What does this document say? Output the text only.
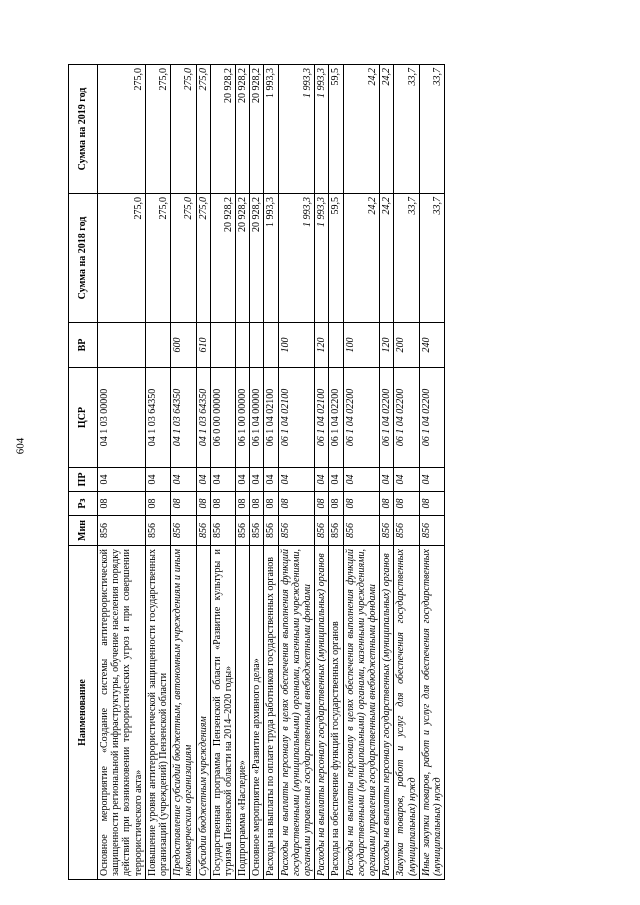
604
Наименование	Мин	Рз	ПР	ЦСР	ВР	Сумма на 2018 год	Сумма на 2019 год
Основное мероприятие «Создание системы антитеррористической защищенности региональной инфраструктуры, обучение населения порядку действий при возникновении террористических угроз и при совершении террористического акта»	856	08	04	04 1 03 00000		275,0	275,0
Повышение уровня антитеррористической защищенности государственных организаций (учреждений) Пензенской области	856	08	04	04 1 03 64350		275,0	275,0
Предоставление субсидий бюджетным, автономным учреждениям и иным некоммерческим организациям	856	08	04	04 1 03 64350	600	275,0	275,0
Субсидии бюджетным учреждениям	856	08	04	04 1 03 64350	610	275,0	275,0
Государственная программа Пензенской области «Развитие культуры и туризма Пензенской области на 2014–2020 годы»	856	08	04	06 0 00 00000		20 928,2	20 928,2
Подпрограмма «Наследие»	856	08	04	06 1 00 00000		20 928,2	20 928,2
Основное мероприятие «Развитие архивного дела»	856	08	04	06 1 04 00000		20 928,2	20 928,2
Расходы на выплаты по оплате труда работников государственных органов	856	08	04	06 1 04 02100		1 993,3	1 993,3
Расходы на выплаты персоналу в целях обеспечения выполнения функций государственными (муниципальными) органами, казенными учреждениями, органами управления государственными внебюджетными фондами	856	08	04	06 1 04 02100	100	1 993,3	1 993,3
Расходы на выплаты персоналу государственных (муниципальных) органов	856	08	04	06 1 04 02100	120	1 993,3	1 993,3
Расходы на обеспечение функций государственных органов	856	08	04	06 1 04 02200		59,5	59,5
Расходы на выплаты персоналу в целях обеспечения выполнения функций государственными (муниципальными) органами, казенными учреждениями, органами управления государственными внебюджетными фондами	856	08	04	06 1 04 02200	100	24,2	24,2
Расходы на выплаты персоналу государственных (муниципальных) органов	856	08	04	06 1 04 02200	120	24,2	24,2
Закупка товаров, работ и услуг для обеспечения государственных (муниципальных) нужд	856	08	04	06 1 04 02200	200	33,7	33,7
Иные закупки товаров, работ и услуг для обеспечения государственных (муниципальных) нужд	856	08	04	06 1 04 02200	240	33,7	33,7
